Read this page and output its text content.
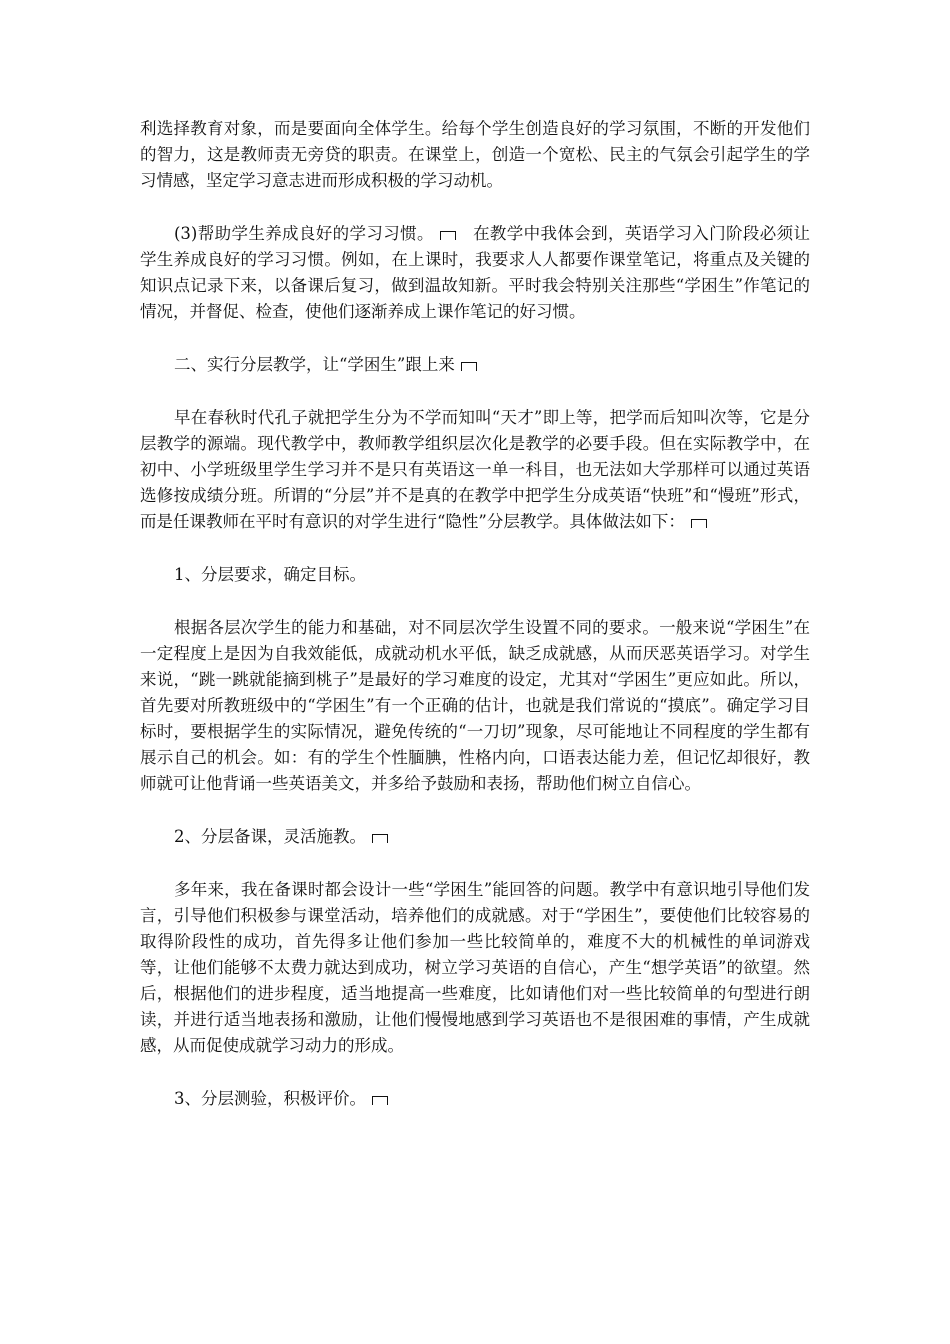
利选择教育对象，而是要面向全体学生。给每个学生创造良好的学习氛围，不断的开发他们的智力，这是教师责无旁贷的职责。在课堂上，创造一个宽松、民主的气氛会引起学生的学习情感，坚定学习意志进而形成积极的学习动机。

(3)帮助学生养成良好的学习习惯。　在教学中我体会到，英语学习入门阶段必须让学生养成良好的学习习惯。例如，在上课时，我要求人人都要作课堂笔记，将重点及关键的知识点记录下来，以备课后复习，做到温故知新。平时我会特别关注那些“学困生”作笔记的情况，并督促、检查，使他们逐渐养成上课作笔记的好习惯。

二、实行分层教学，让“学困生”跟上来

早在春秋时代孔子就把学生分为不学而知叫“天才”即上等，把学而后知叫次等，它是分层教学的源端。现代教学中，教师教学组织层次化是教学的必要手段。但在实际教学中，在初中、小学班级里学生学习并不是只有英语这一单一科目，也无法如大学那样可以通过英语选修按成绩分班。所谓的“分层”并不是真的在教学中把学生分成英语“快班”和“慢班”形式，而是任课教师在平时有意识的对学生进行“隐性”分层教学。具体做法如下：

1、分层要求，确定目标。

根据各层次学生的能力和基础，对不同层次学生设置不同的要求。一般来说“学困生”在一定程度上是因为自我效能低，成就动机水平低，缺乏成就感，从而厌恶英语学习。对学生来说，“跳一跳就能摘到桃子”是最好的学习难度的设定，尤其对“学困生”更应如此。所以，首先要对所教班级中的“学困生”有一个正确的估计，也就是我们常说的“摸底”。确定学习目标时，要根据学生的实际情况，避免传统的“一刀切”现象，尽可能地让不同程度的学生都有展示自己的机会。如：有的学生个性腼腆，性格内向，口语表达能力差，但记忆却很好，教师就可让他背诵一些英语美文，并多给予鼓励和表扬，帮助他们树立自信心。

2、分层备课，灵活施教。

多年来，我在备课时都会设计一些“学困生”能回答的问题。教学中有意识地引导他们发言，引导他们积极参与课堂活动，培养他们的成就感。对于“学困生”，要使他们比较容易的取得阶段性的成功，首先得多让他们参加一些比较简单的，难度不大的机械性的单词游戏等，让他们能够不太费力就达到成功，树立学习英语的自信心，产生“想学英语”的欲望。然后，根据他们的进步程度，适当地提高一些难度，比如请他们对一些比较简单的句型进行朗读，并进行适当地表扬和激励，让他们慢慢地感到学习英语也不是很困难的事情，产生成就感，从而促使成就学习动力的形成。

3、分层测验，积极评价。
